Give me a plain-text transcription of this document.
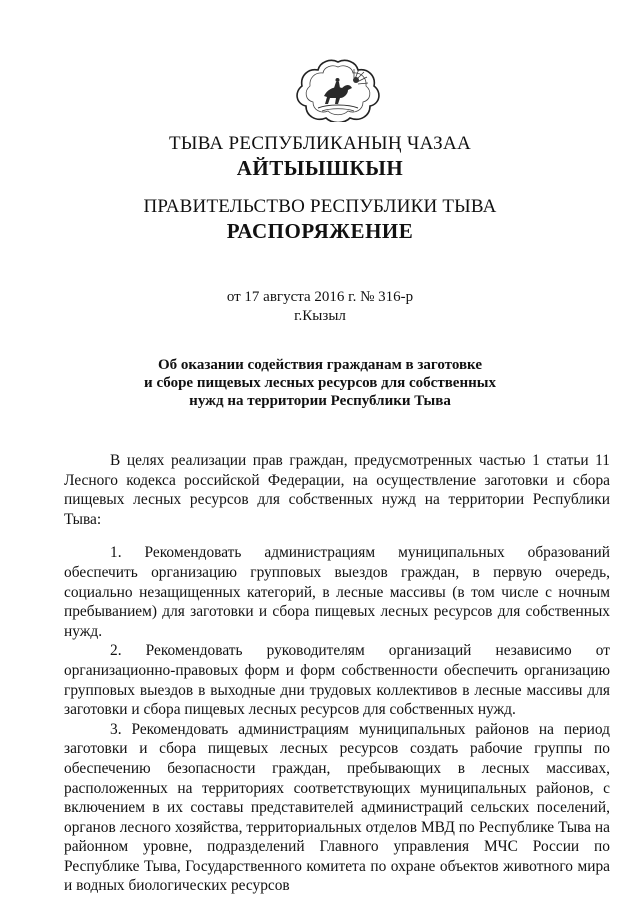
ТЫВА РЕСПУБЛИКАНЫҢ ЧАЗАА
АЙТЫЫШКЫН
ПРАВИТЕЛЬСТВО РЕСПУБЛИКИ ТЫВА
РАСПОРЯЖЕНИЕ
от 17 августа 2016 г. № 316-р
г.Кызыл
Об оказании содействия гражданам в заготовке
и сборе пищевых лесных ресурсов для собственных
нужд на территории Республики Тыва

В целях реализации прав граждан, предусмотренных частью 1 статьи 11 Лесного кодекса российской Федерации, на осуществление заготовки и сбора пищевых лесных ресурсов для собственных нужд на территории Республики Тыва:

1. Рекомендовать администрациям муниципальных образований обеспечить организацию групповых выездов граждан, в первую очередь, социально незащищенных категорий, в лесные массивы (в том числе с ночным пребыванием) для заготовки и сбора пищевых лесных ресурсов для собственных нужд.

2. Рекомендовать руководителям организаций независимо от организационно-правовых форм и форм собственности обеспечить организацию групповых выездов в выходные дни трудовых коллективов в лесные массивы для заготовки и сбора пищевых лесных ресурсов для собственных нужд.

3. Рекомендовать администрациям муниципальных районов на период заготовки и сбора пищевых лесных ресурсов создать рабочие группы по обеспечению безопасности граждан, пребывающих в лесных массивах, расположенных на территориях соответствующих муниципальных районов, с включением в их составы представителей администраций сельских поселений, органов лесного хозяйства, территориальных отделов МВД по Республике Тыва на районном уровне, подразделений Главного управления МЧС России по Республике Тыва, Государственного комитета по охране объектов животного мира и водных биологических ресурсов
